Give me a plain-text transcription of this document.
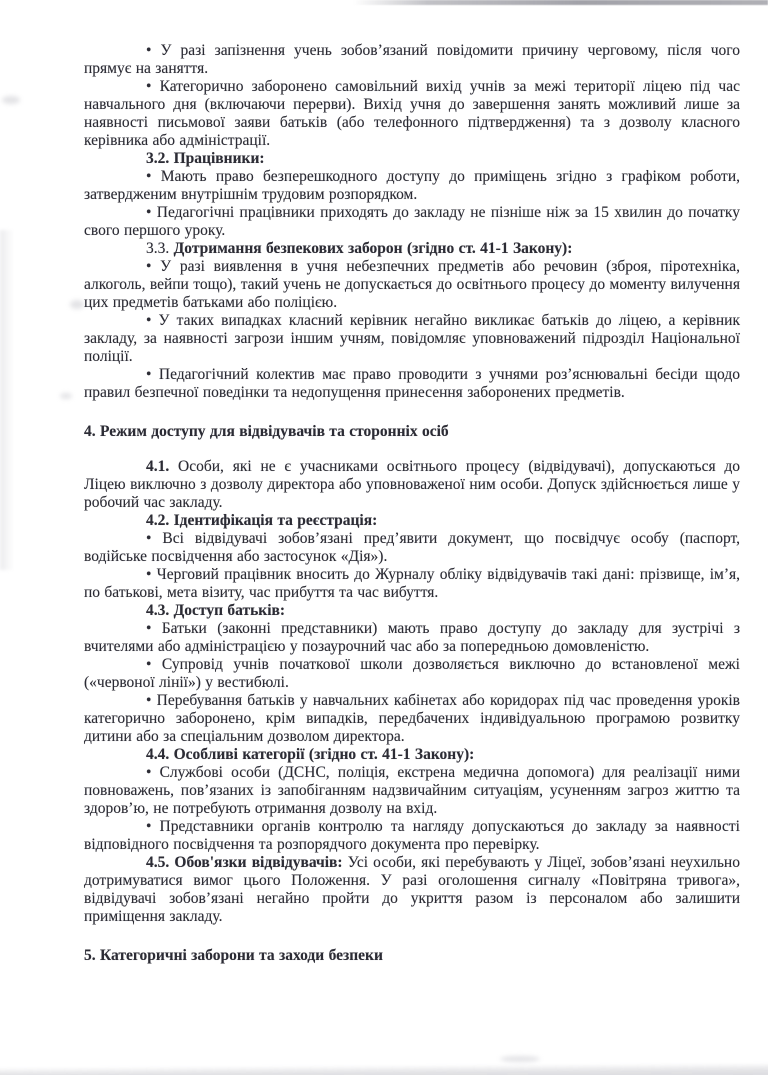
• У разі запізнення учень зобов’язаний повідомити причину черговому, після чого прямує на заняття.

• Категорично заборонено самовільний вихід учнів за межі території ліцею під час навчального дня (включаючи перерви). Вихід учня до завершення занять можливий лише за наявності письмової заяви батьків (або телефонного підтвердження) та з дозволу класного керівника або адміністрації.

3.2. Працівники:

• Мають право безперешкодного доступу до приміщень згідно з графіком роботи, затвердженим внутрішнім трудовим розпорядком.

• Педагогічні працівники приходять до закладу не пізніше ніж за 15 хвилин до початку свого першого уроку.

3.3. Дотримання безпекових заборон (згідно ст. 41-1 Закону):

• У разі виявлення в учня небезпечних предметів або речовин (зброя, піротехніка, алкоголь, вейпи тощо), такий учень не допускається до освітнього процесу до моменту вилучення цих предметів батьками або поліцією.

• У таких випадках класний керівник негайно викликає батьків до ліцею, а керівник закладу, за наявності загрози іншим учням, повідомляє уповноважений підрозділ Національної поліції.

• Педагогічний колектив має право проводити з учнями роз’яснювальні бесіди щодо правил безпечної поведінки та недопущення принесення заборонених предметів.

4. Режим доступу для відвідувачів та сторонніх осіб

4.1. Особи, які не є учасниками освітнього процесу (відвідувачі), допускаються до Ліцею виключно з дозволу директора або уповноваженої ним особи. Допуск здійснюється лише у робочий час закладу.

4.2. Ідентифікація та реєстрація:

• Всі відвідувачі зобов’язані пред’явити документ, що посвідчує особу (паспорт, водійське посвідчення або застосунок «Дія»).

• Черговий працівник вносить до Журналу обліку відвідувачів такі дані: прізвище, ім’я, по батькові, мета візиту, час прибуття та час вибуття.

4.3. Доступ батьків:

• Батьки (законні представники) мають право доступу до закладу для зустрічі з вчителями або адміністрацією у позаурочний час або за попередньою домовленістю.

• Супровід учнів початкової школи дозволяється виключно до встановленої межі («червоної лінії») у вестибюлі.

• Перебування батьків у навчальних кабінетах або коридорах під час проведення уроків категорично заборонено, крім випадків, передбачених індивідуальною програмою розвитку дитини або за спеціальним дозволом директора.

4.4. Особливі категорії (згідно ст. 41-1 Закону):

• Службові особи (ДСНС, поліція, екстрена медична допомога) для реалізації ними повноважень, пов’язаних із запобіганням надзвичайним ситуаціям, усуненням загроз життю та здоров’ю, не потребують отримання дозволу на вхід.

• Представники органів контролю та нагляду допускаються до закладу за наявності відповідного посвідчення та розпорядчого документа про перевірку.

4.5. Обов'язки відвідувачів: Усі особи, які перебувають у Ліцеї, зобов’язані неухильно дотримуватися вимог цього Положення. У разі оголошення сигналу «Повітряна тривога», відвідувачі зобов’язані негайно пройти до укриття разом із персоналом або залишити приміщення закладу.

5. Категоричні заборони та заходи безпеки
